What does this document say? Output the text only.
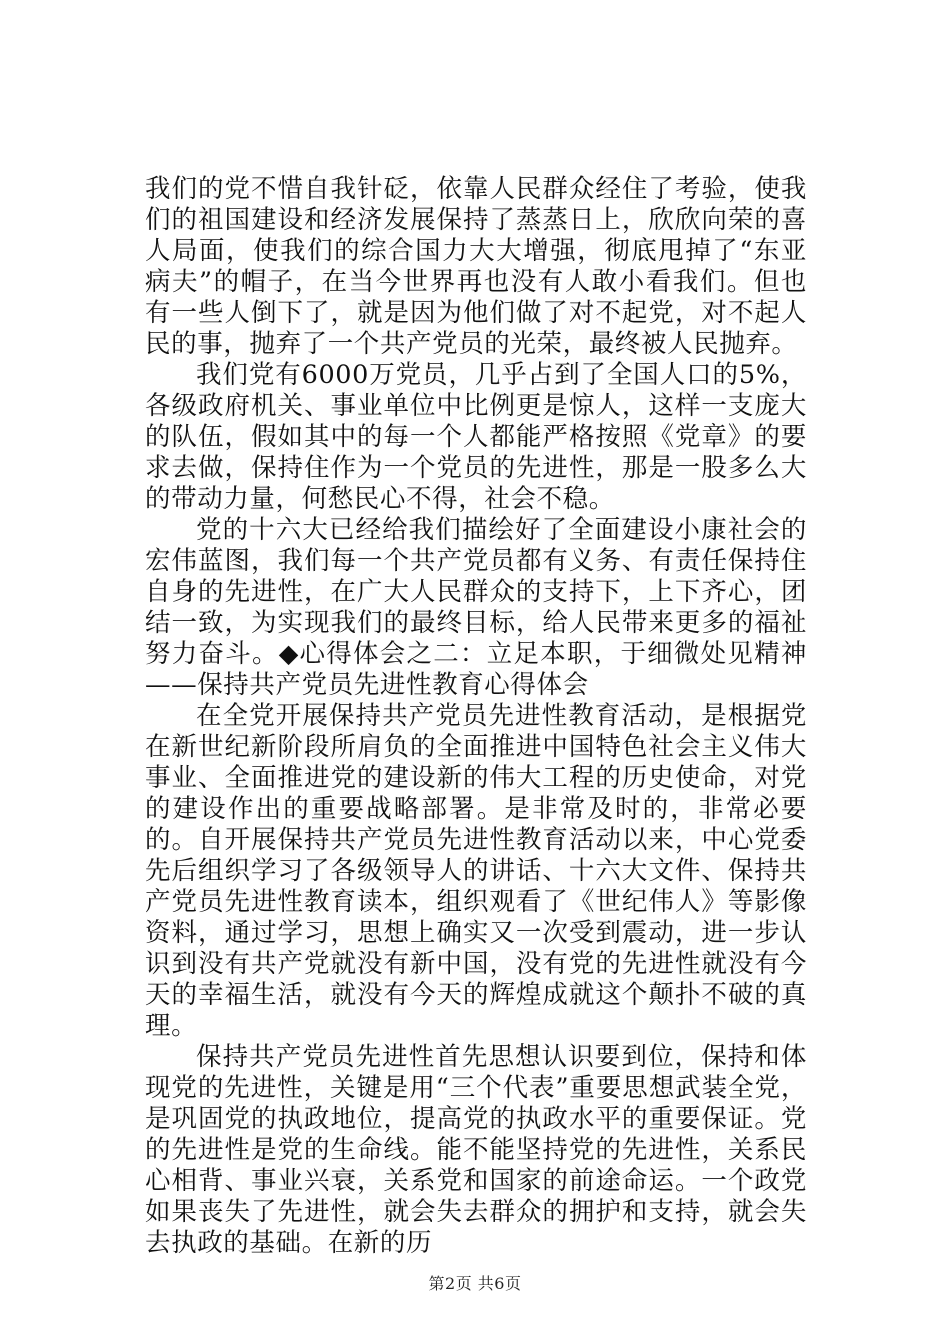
我们的党不惜自我针砭，依靠人民群众经住了考验，使我们的祖国建设和经济发展保持了蒸蒸日上，欣欣向荣的喜人局面，使我们的综合国力大大增强，彻底甩掉了“东亚病夫”的帽子，在当今世界再也没有人敢小看我们。但也有一些人倒下了，就是因为他们做了对不起党，对不起人民的事，抛弃了一个共产党员的光荣，最终被人民抛弃。

我们党有6000万党员，几乎占到了全国人口的5%，各级政府机关、事业单位中比例更是惊人，这样一支庞大的队伍，假如其中的每一个人都能严格按照《党章》的要求去做，保持住作为一个党员的先进性，那是一股多么大的带动力量，何愁民心不得，社会不稳。

党的十六大已经给我们描绘好了全面建设小康社会的宏伟蓝图，我们每一个共产党员都有义务、有责任保持住自身的先进性，在广大人民群众的支持下，上下齐心，团结一致，为实现我们的最终目标，给人民带来更多的福祉努力奋斗。◆心得体会之二：立足本职，于细微处见精神——保持共产党员先进性教育心得体会

在全党开展保持共产党员先进性教育活动，是根据党在新世纪新阶段所肩负的全面推进中国特色社会主义伟大事业、全面推进党的建设新的伟大工程的历史使命，对党的建设作出的重要战略部署。是非常及时的，非常必要的。自开展保持共产党员先进性教育活动以来，中心党委先后组织学习了各级领导人的讲话、十六大文件、保持共产党员先进性教育读本，组织观看了《世纪伟人》等影像资料，通过学习，思想上确实又一次受到震动，进一步认识到没有共产党就没有新中国，没有党的先进性就没有今天的幸福生活，就没有今天的辉煌成就这个颠扑不破的真理。

保持共产党员先进性首先思想认识要到位，保持和体现党的先进性，关键是用“三个代表”重要思想武装全党，是巩固党的执政地位，提高党的执政水平的重要保证。党的先进性是党的生命线。能不能坚持党的先进性，关系民心相背、事业兴衰，关系党和国家的前途命运。一个政党如果丧失了先进性，就会失去群众的拥护和支持，就会失去执政的基础。在新的历

第2页 共6页
